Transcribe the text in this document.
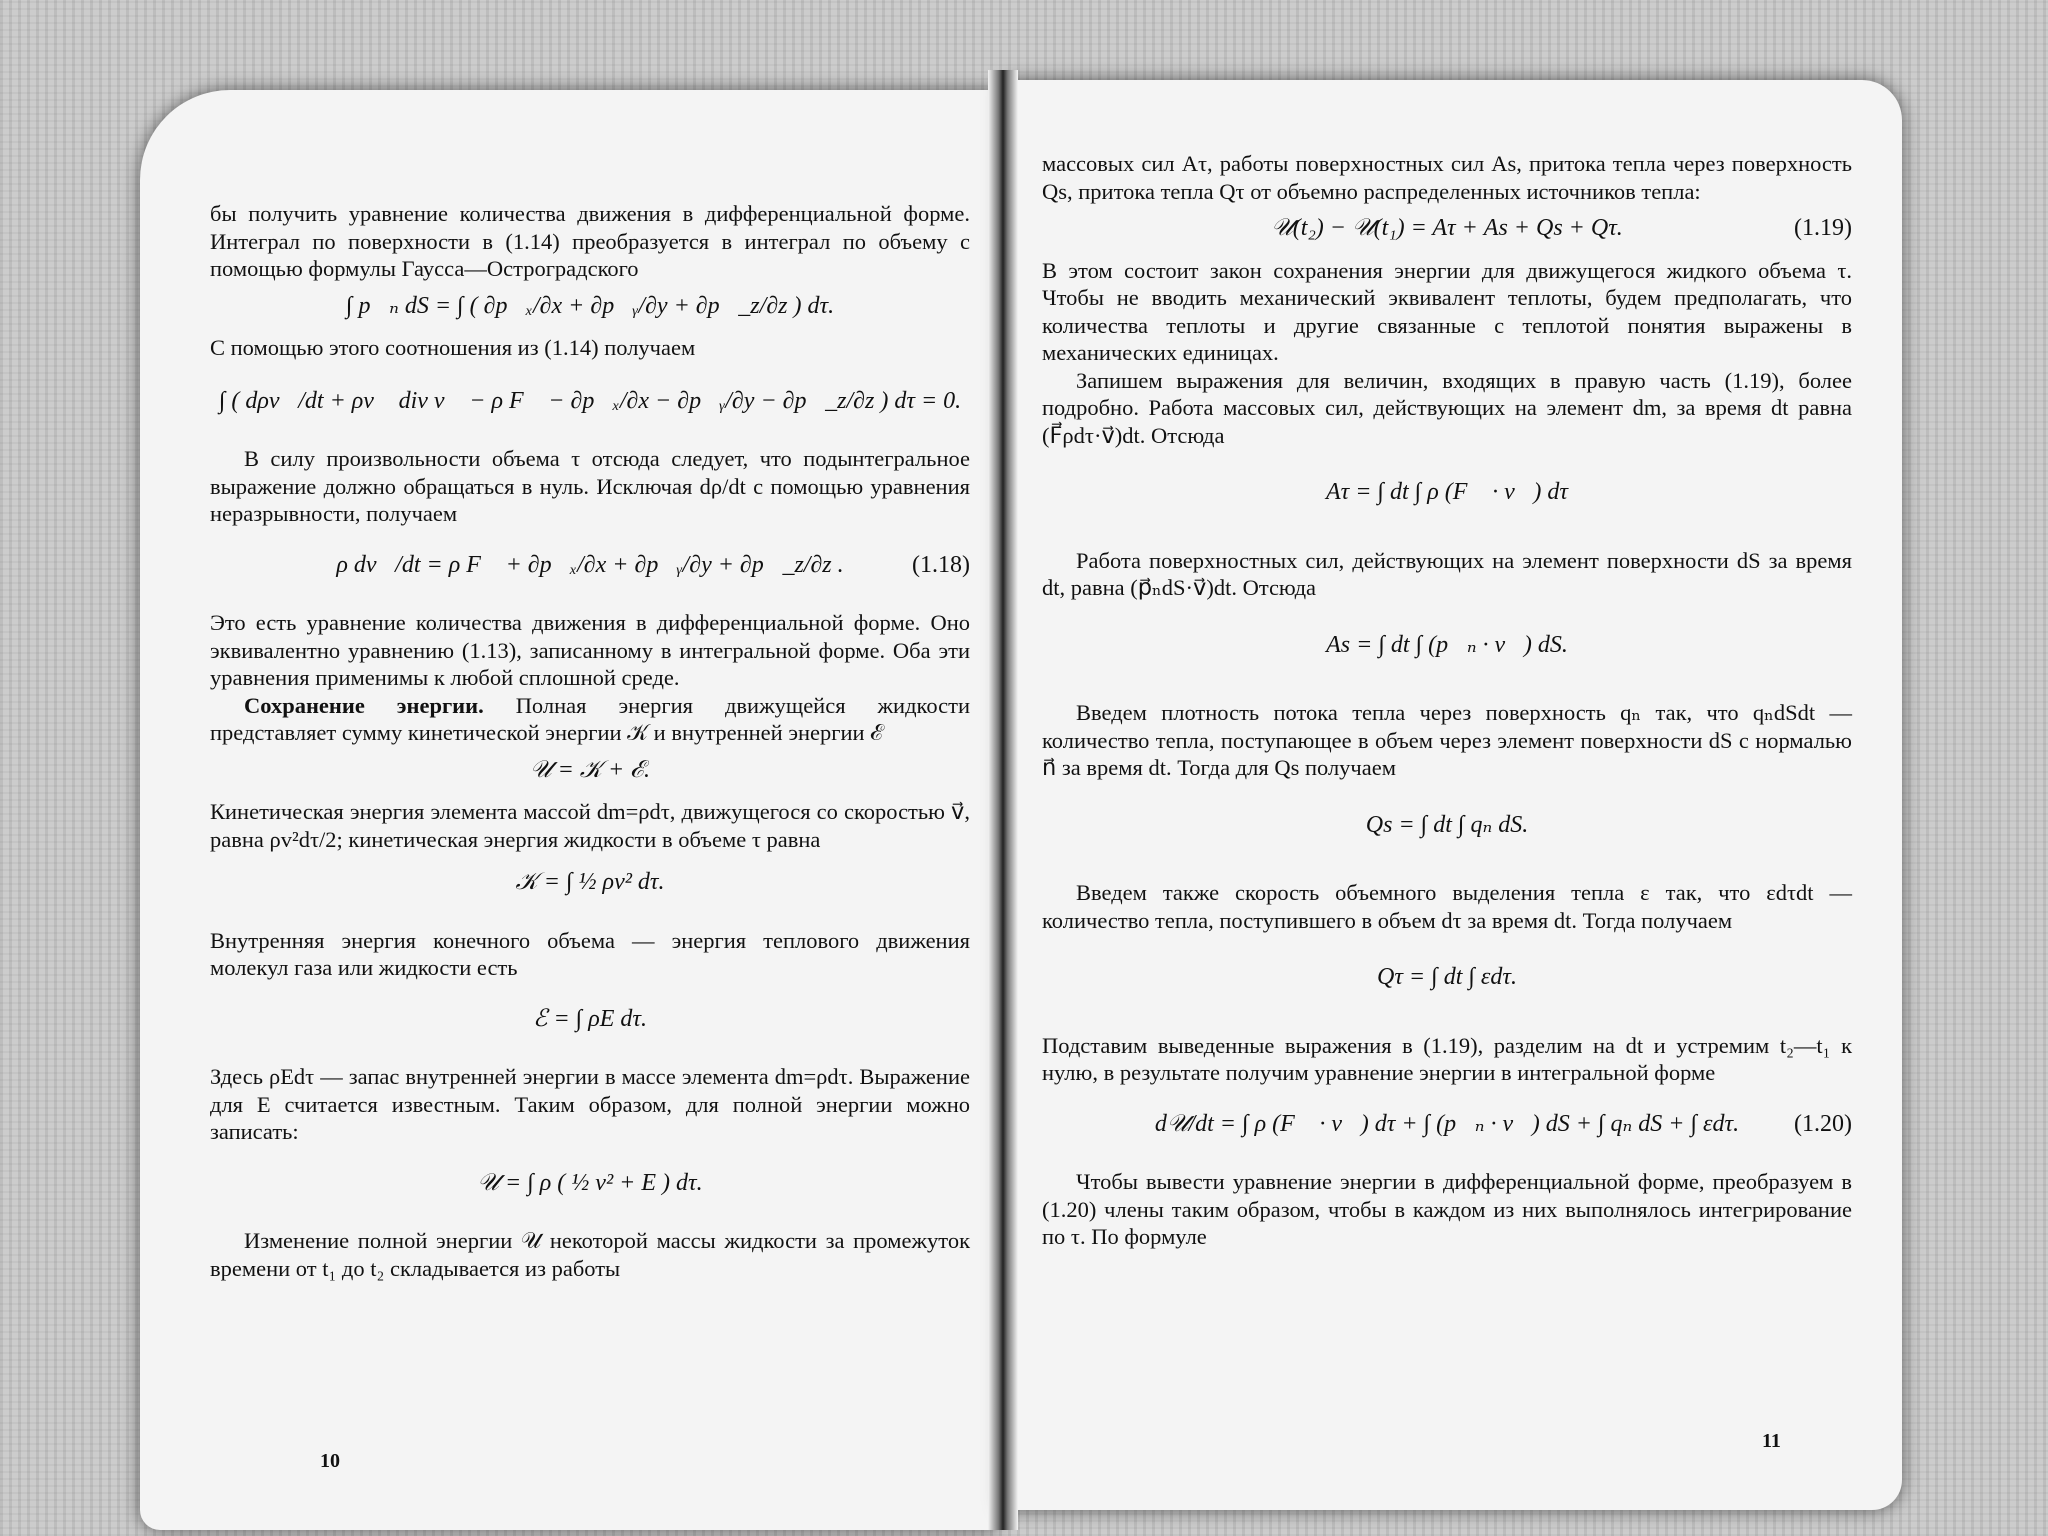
бы получить уравнение количества движения в дифференциальной форме. Интеграл по поверхности в (1.14) преобразуется в интеграл по объему с помощью формулы Гаусса—Остроградского

∫ p⃗ₙ dS = ∫ ( ∂p⃗ₓ/∂x + ∂p⃗ᵧ/∂y + ∂p⃗_z/∂z ) dτ.

С помощью этого соотношения из (1.14) получаем

∫ ( dρv⃗/dt + ρv⃗ div v⃗ − ρ F⃗ − ∂p⃗ₓ/∂x − ∂p⃗ᵧ/∂y − ∂p⃗_z/∂z ) dτ = 0.

В силу произвольности объема τ отсюда следует, что подынтегральное выражение должно обращаться в нуль. Исключая dρ/dt с помощью уравнения неразрывности, получаем

ρ dv⃗/dt = ρ F⃗ + ∂p⃗ₓ/∂x + ∂p⃗ᵧ/∂y + ∂p⃗_z/∂z .	(1.18)

Это есть уравнение количества движения в дифференциальной форме. Оно эквивалентно уравнению (1.13), записанному в интегральной форме. Оба эти уравнения применимы к любой сплошной среде.

Сохранение энергии. Полная энергия движущейся жидкости представляет сумму кинетической энергии 𝒦 и внутренней энергии ℰ

𝒰 = 𝒦 + ℰ.

Кинетическая энергия элемента массой dm=ρdτ, движущегося со скоростью v⃗, равна ρv²dτ/2; кинетическая энергия жидкости в объеме τ равна

𝒦 = ∫ ½ ρv² dτ.

Внутренняя энергия конечного объема — энергия теплового движения молекул газа или жидкости есть

ℰ = ∫ ρE dτ.

Здесь ρEdτ — запас внутренней энергии в массе элемента dm=ρdτ. Выражение для E считается известным. Таким образом, для полной энергии можно записать:

𝒰 = ∫ ρ ( ½ v² + E ) dτ.

Изменение полной энергии 𝒰 некоторой массы жидкости за промежуток времени от t₁ до t₂ складывается из работы

10

массовых сил Aτ, работы поверхностных сил As, притока тепла через поверхность Qs, притока тепла Qτ от объемно распределенных источников тепла:

𝒰(t₂) − 𝒰(t₁) = Aτ + As + Qs + Qτ.	(1.19)

В этом состоит закон сохранения энергии для движущегося жидкого объема τ. Чтобы не вводить механический эквивалент теплоты, будем предполагать, что количества теплоты и другие связанные с теплотой понятия выражены в механических единицах.

Запишем выражения для величин, входящих в правую часть (1.19), более подробно. Работа массовых сил, действующих на элемент dm, за время dt равна (F⃗ρdτ·v⃗)dt. Отсюда

Aτ = ∫ dt ∫ ρ (F⃗ · v⃗) dτ

Работа поверхностных сил, действующих на элемент поверхности dS за время dt, равна (p⃗ₙdS·v⃗)dt. Отсюда

As = ∫ dt ∫ (p⃗ₙ · v⃗) dS.

Введем плотность потока тепла через поверхность qₙ так, что qₙdSdt — количество тепла, поступающее в объем через элемент поверхности dS с нормалью n⃗ за время dt. Тогда для Qs получаем

Qs = ∫ dt ∫ qₙ dS.

Введем также скорость объемного выделения тепла ε так, что εdτdt — количество тепла, поступившего в объем dτ за время dt. Тогда получаем

Qτ = ∫ dt ∫ εdτ.

Подставим выведенные выражения в (1.19), разделим на dt и устремим t₂—t₁ к нулю, в результате получим уравнение энергии в интегральной форме

d𝒰/dt = ∫ ρ (F⃗ · v⃗) dτ + ∫ (p⃗ₙ · v⃗) dS + ∫ qₙ dS + ∫ εdτ. (1.20)

Чтобы вывести уравнение энергии в дифференциальной форме, преобразуем в (1.20) члены таким образом, чтобы в каждом из них выполнялось интегрирование по τ. По формуле

11
